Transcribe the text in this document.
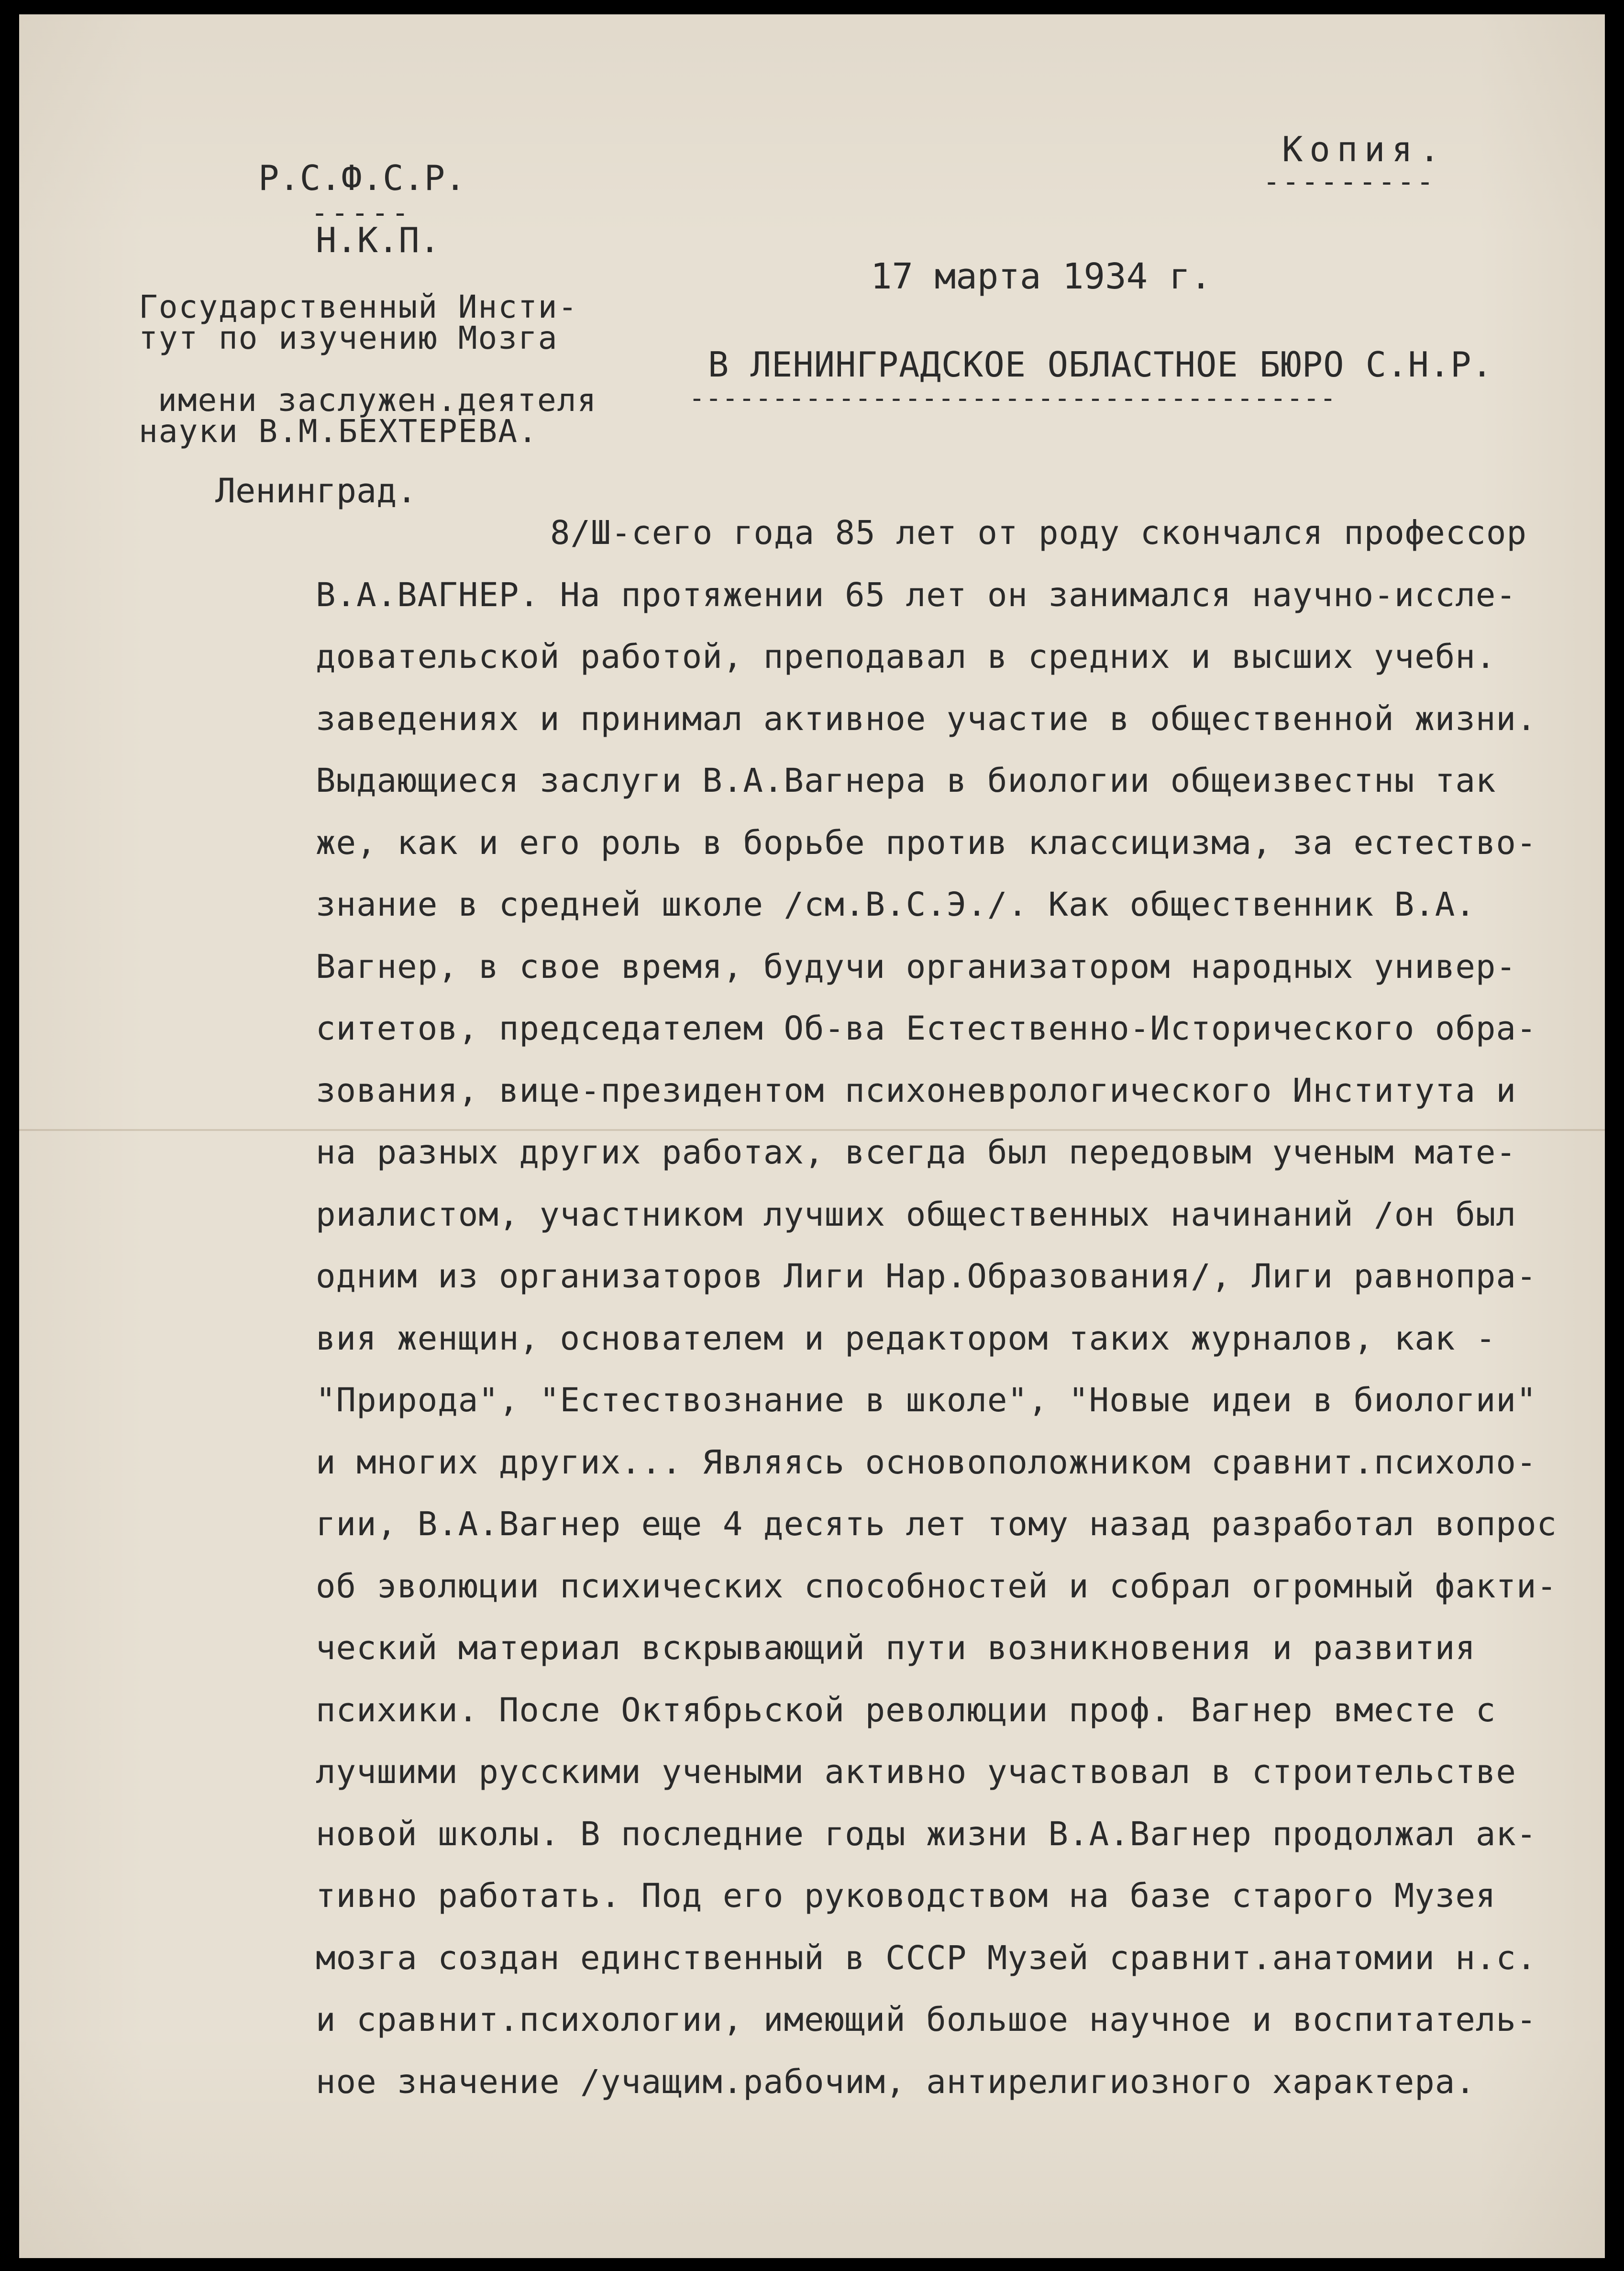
Р.С.Ф.С.Р.

-----

Н.К.П.

Государственный Инсти-

тут по изучению Мозга

имени заслужен.деятеля

науки В.М.БЕХТЕРЕВА.

Ленинград.

Копия.

---------

17 марта 1934 г.

В ЛЕНИНГРАДСКОЕ ОБЛАСТНОЕ БЮРО С.Н.Р.

---------------------------------------

8/Ш-сего года 85 лет от роду скончался профессор
В.А.ВАГНЕР. На протяжении 65 лет он занимался научно-иссле-
довательской работой, преподавал в средних и высших учебн.
заведениях и принимал активное участие в общественной жизни.
Выдающиеся заслуги В.А.Вагнера в биологии общеизвестны так
же, как и его роль в борьбе против классицизма, за естество-
знание в средней школе /см.В.С.Э./. Как общественник В.А.
Вагнер, в свое время, будучи организатором народных универ-
ситетов, председателем Об-ва Естественно-Исторического обра-
зования, вице-президентом психоневрологического Института и
на разных других работах, всегда был передовым ученым мате-
риалистом, участником лучших общественных начинаний /он был
одним из организаторов Лиги Нар.Образования/, Лиги равнопра-
вия женщин, основателем и редактором таких журналов, как -
"Природа", "Естествознание в школе", "Новые идеи в биологии"
и многих других... Являясь основоположником сравнит.психоло-
гии, В.А.Вагнер еще 4 десять лет тому назад разработал вопрос
об эволюции психических способностей и собрал огромный факти-
ческий материал вскрывающий пути возникновения и развития
психики. После Октябрьской революции проф. Вагнер вместе с
лучшими русскими учеными активно участвовал в строительстве
новой школы. В последние годы жизни В.А.Вагнер продолжал ак-
тивно работать. Под его руководством на базе старого Музея
мозга создан единственный в СССР Музей сравнит.анатомии н.с.
и сравнит.психологии, имеющий большое научное и воспитатель-
ное значение /учащим.рабочим, антирелигиозного характера.
